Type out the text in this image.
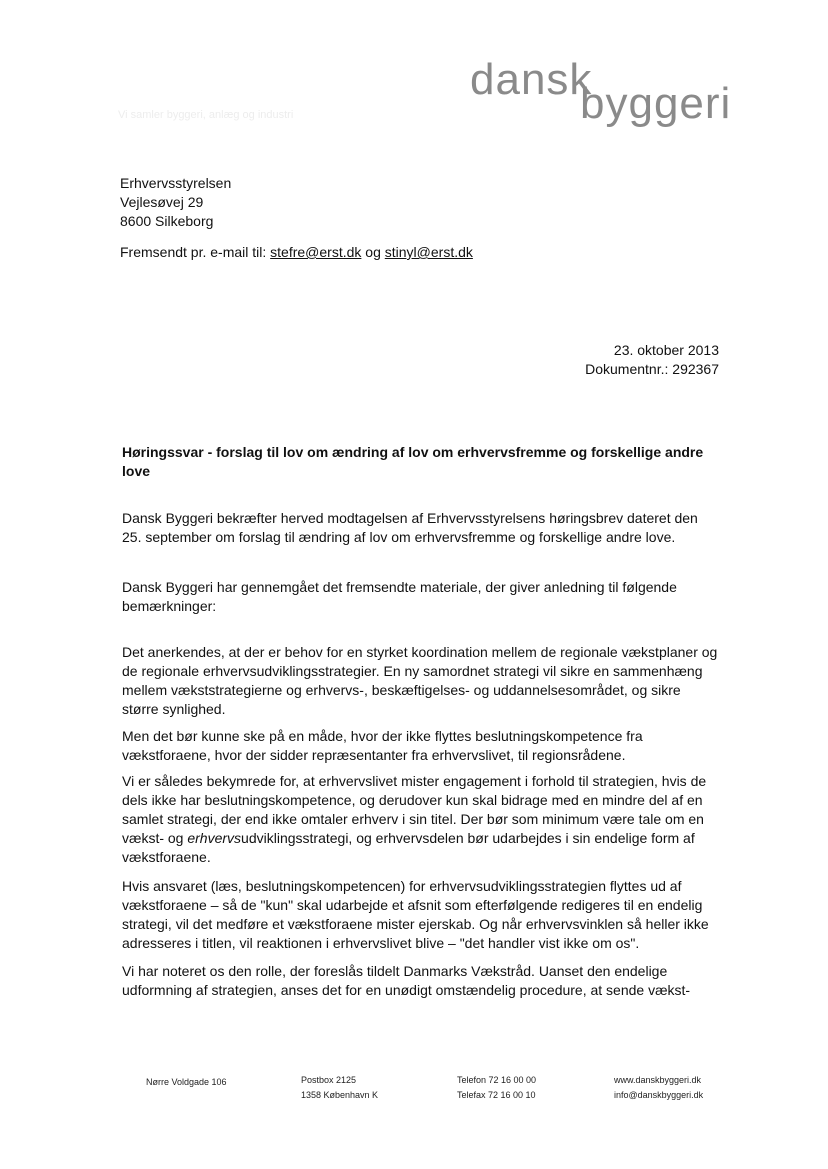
dansk
byggeri
Vi samler byggeri, anlæg og industri
Erhvervsstyrelsen
Vejlesøvej 29
8600 Silkeborg
Fremsendt pr. e-mail til: stefre@erst.dk og stinyl@erst.dk
23. oktober 2013
Dokumentnr.: 292367
Høringssvar - forslag til lov om ændring af lov om erhvervsfremme og forskellige andre love

Dansk Byggeri bekræfter herved modtagelsen af Erhvervsstyrelsens høringsbrev dateret den 25. september om forslag til ændring af lov om erhvervsfremme og forskellige andre love.

Dansk Byggeri har gennemgået det fremsendte materiale, der giver anledning til følgende bemærkninger:

Det anerkendes, at der er behov for en styrket koordination mellem de regionale vækstplaner og de regionale erhvervsudviklingsstrategier. En ny samordnet strategi vil sikre en sammenhæng mellem vækststrategierne og erhvervs-, beskæftigelses- og uddannelsesområdet, og sikre større synlighed.

Men det bør kunne ske på en måde, hvor der ikke flyttes beslutningskompetence fra vækstforaene, hvor der sidder repræsentanter fra erhvervslivet, til regionsrådene.

Vi er således bekymrede for, at erhvervslivet mister engagement i forhold til strategien, hvis de dels ikke har beslutningskompetence, og derudover kun skal bidrage med en mindre del af en samlet strategi, der end ikke omtaler erhverv i sin titel. Der bør som minimum være tale om en vækst- og erhvervsudviklingsstrategi, og erhvervsdelen bør udarbejdes i sin endelige form af vækstforaene.

Hvis ansvaret (læs, beslutningskompetencen) for erhvervsudviklingsstrategien flyttes ud af vækstforaene – så de "kun" skal udarbejde et afsnit som efterfølgende redigeres til en endelig strategi, vil det medføre et vækstforaene mister ejerskab. Og når erhvervsvinklen så heller ikke adresseres i titlen, vil reaktionen i erhvervslivet blive – "det handler vist ikke om os".

Vi har noteret os den rolle, der foreslås tildelt Danmarks Vækstråd. Uanset den endelige udformning af strategien, anses det for en unødigt omstændelig procedure, at sende vækst-

Nørre Voldgade 106	Postbox 2125
1358 København K
Telefon 72 16 00 00
Telefax 72 16 00 10
www.danskbyggeri.dk
info@danskbyggeri.dk
